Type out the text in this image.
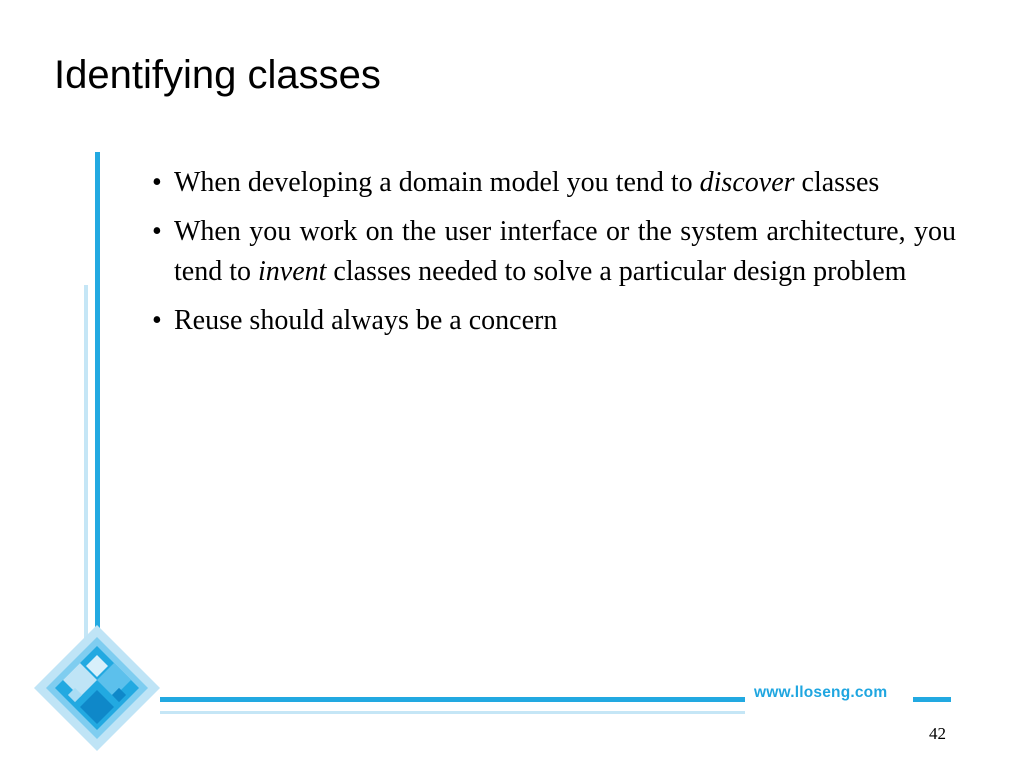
Identifying classes
• When developing a domain model you tend to discover classes
• When you work on the user interface or the system architecture, you tend to invent classes needed to solve a particular design problem
• Reuse should always be a concern
www.lloseng.com
42
